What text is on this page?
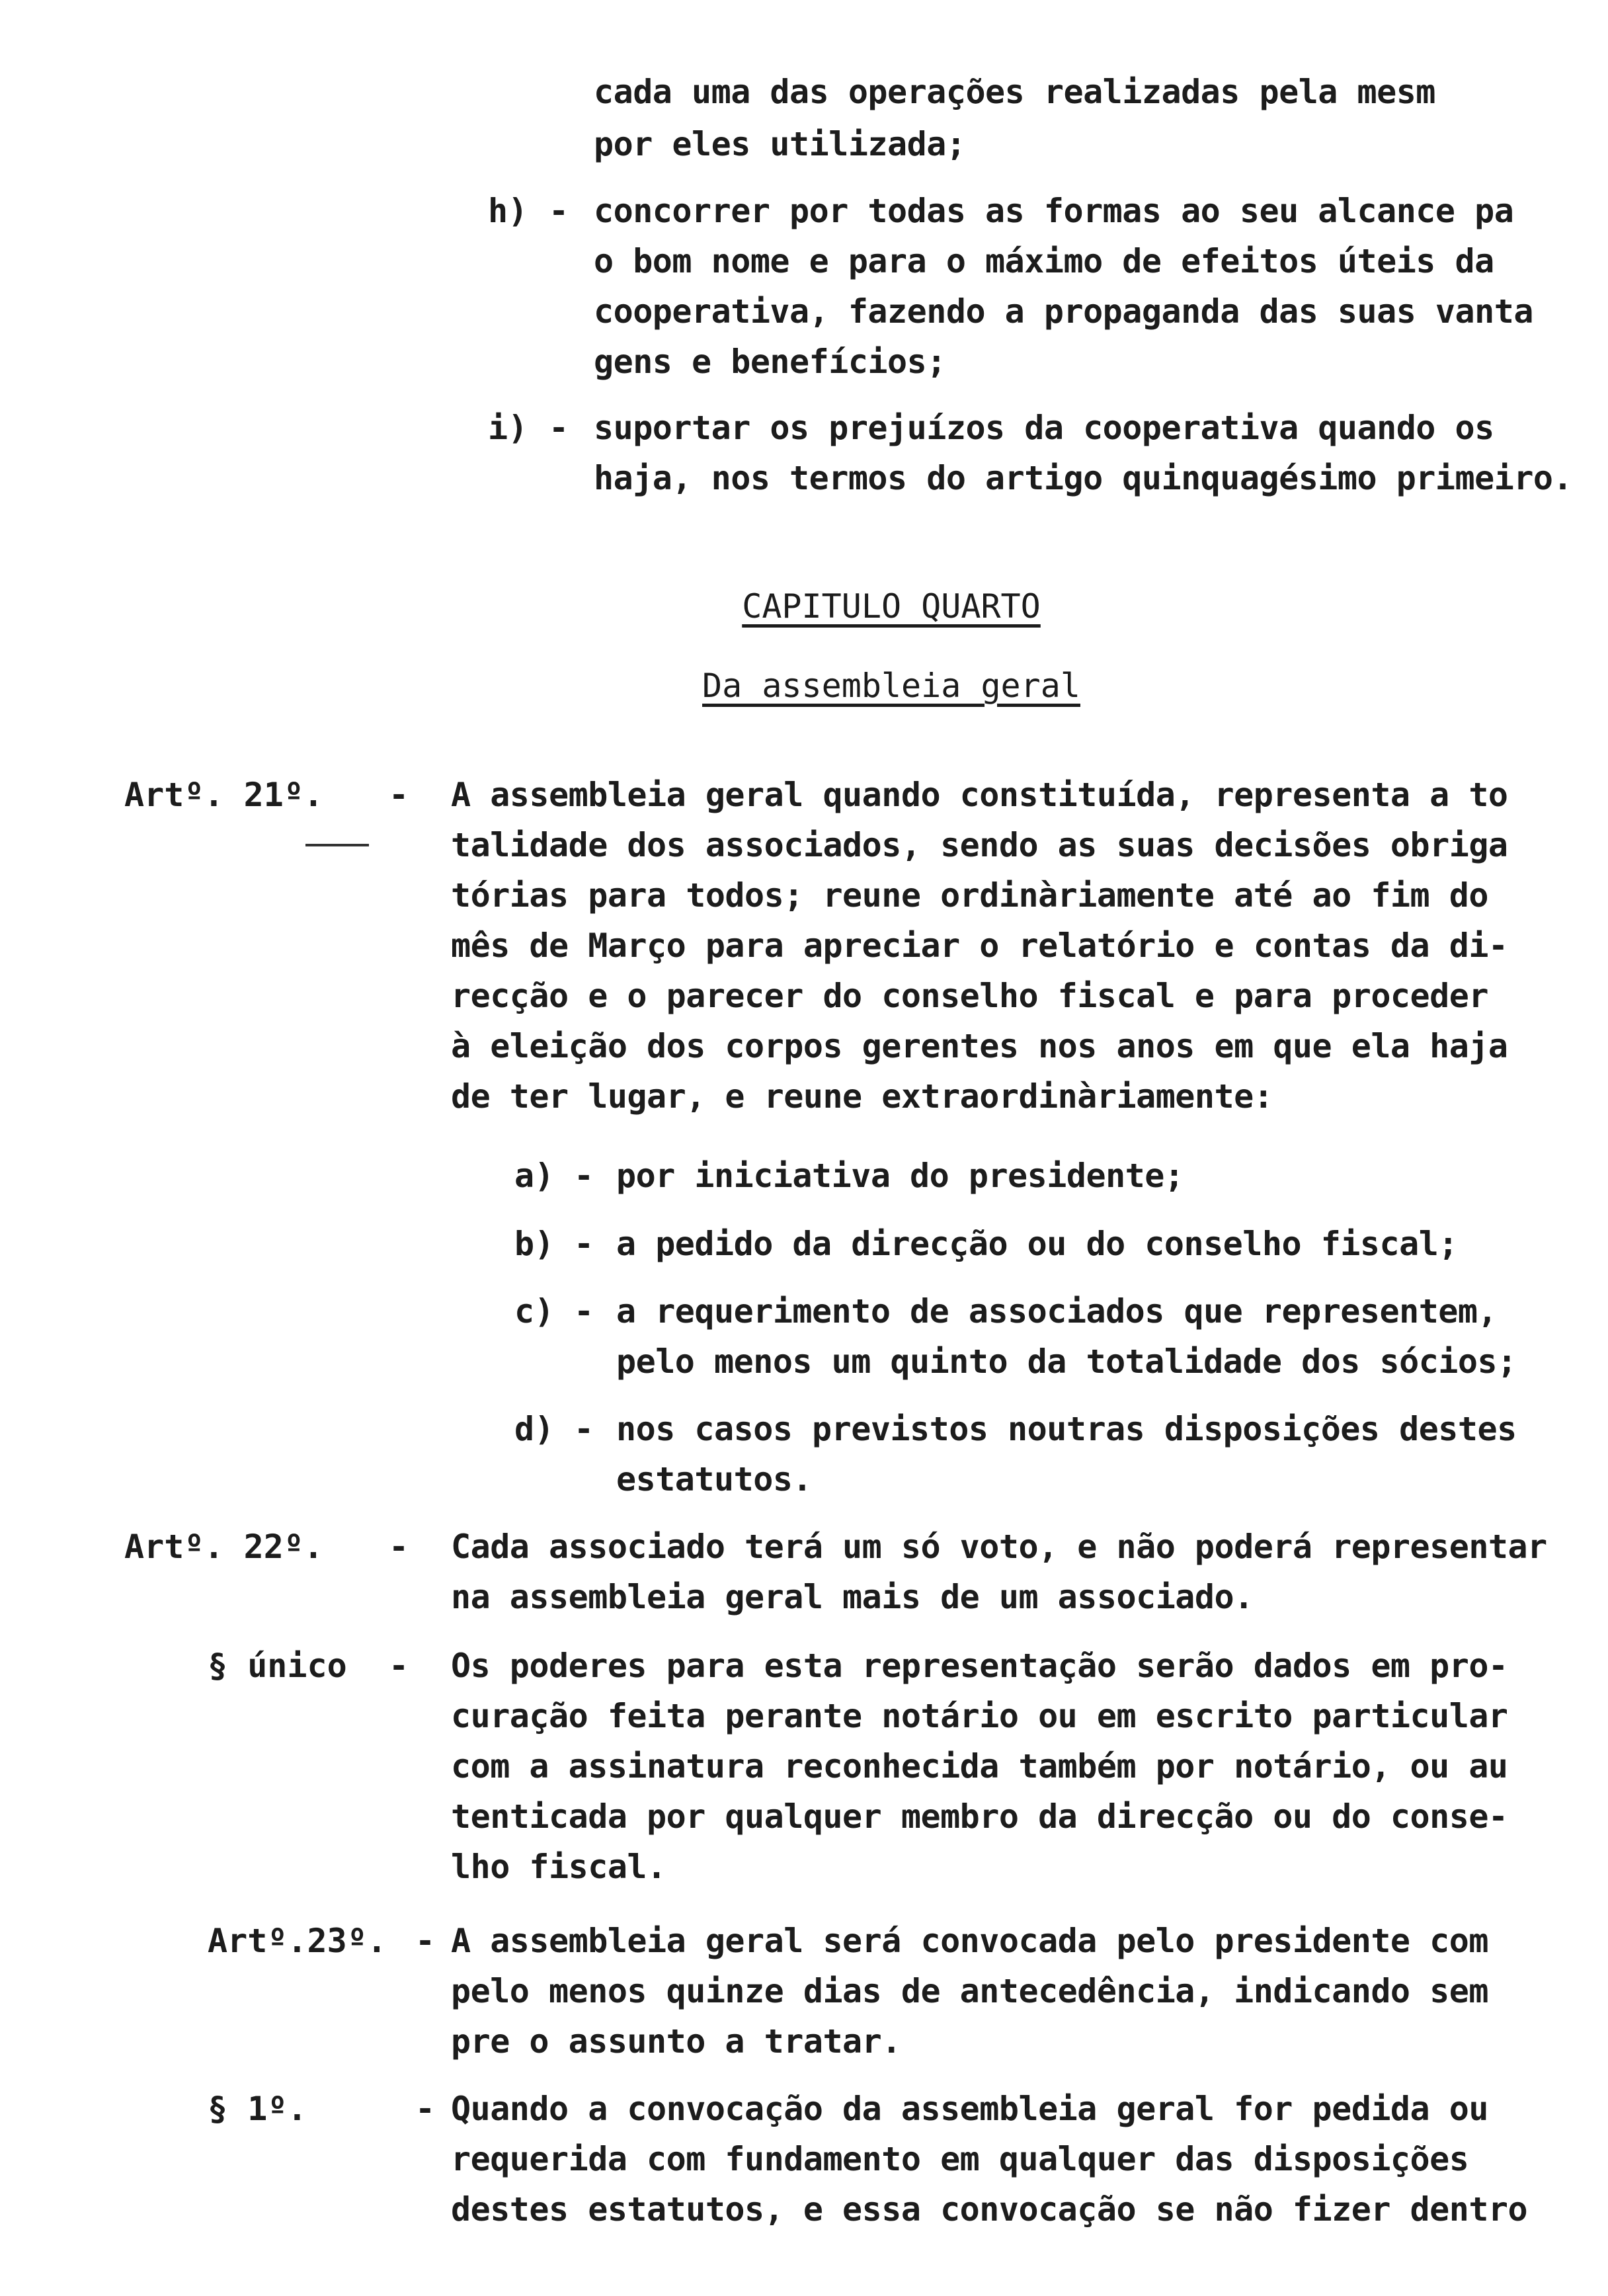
cada uma das operações realizadas pela mesm
por eles utilizada;
h) - concorrer por todas as formas ao seu alcance pa
o bom nome e para o máximo de efeitos úteis da
cooperativa, fazendo a propaganda das suas vanta
gens e benefícios;
i) - suportar os prejuízos da cooperativa quando os
haja, nos termos do artigo quinquagésimo primeiro.
CAPITULO QUARTO
Da assembleia geral
Artº. 21º. - A assembleia geral quando constituída, representa a to
talidade dos associados, sendo as suas decisões obriga
tórias para todos; reune ordinàriamente até ao fim do
mês de Março para apreciar o relatório e contas da di-
recção e o parecer do conselho fiscal e para proceder
à eleição dos corpos gerentes nos anos em que ela haja
de ter lugar, e reune extraordinàriamente:
a) - por iniciativa do presidente;
b) - a pedido da direcção ou do conselho fiscal;
c) - a requerimento de associados que representem,
pelo menos um quinto da totalidade dos sócios;
d) - nos casos previstos noutras disposições destes
estatutos.
Artº. 22º. - Cada associado terá um só voto, e não poderá representar
na assembleia geral mais de um associado.
§ único - Os poderes para esta representação serão dados em pro-
curação feita perante notário ou em escrito particular
com a assinatura reconhecida também por notário, ou au
tenticada por qualquer membro da direcção ou do conse-
lho fiscal.
Artº.23º. - A assembleia geral será convocada pelo presidente com
pelo menos quinze dias de antecedência, indicando sem
pre o assunto a tratar.
§ 1º.	- Quando a convocação da assembleia geral for pedida ou
requerida com fundamento em qualquer das disposições
destes estatutos, e essa convocação se não fizer dentro
